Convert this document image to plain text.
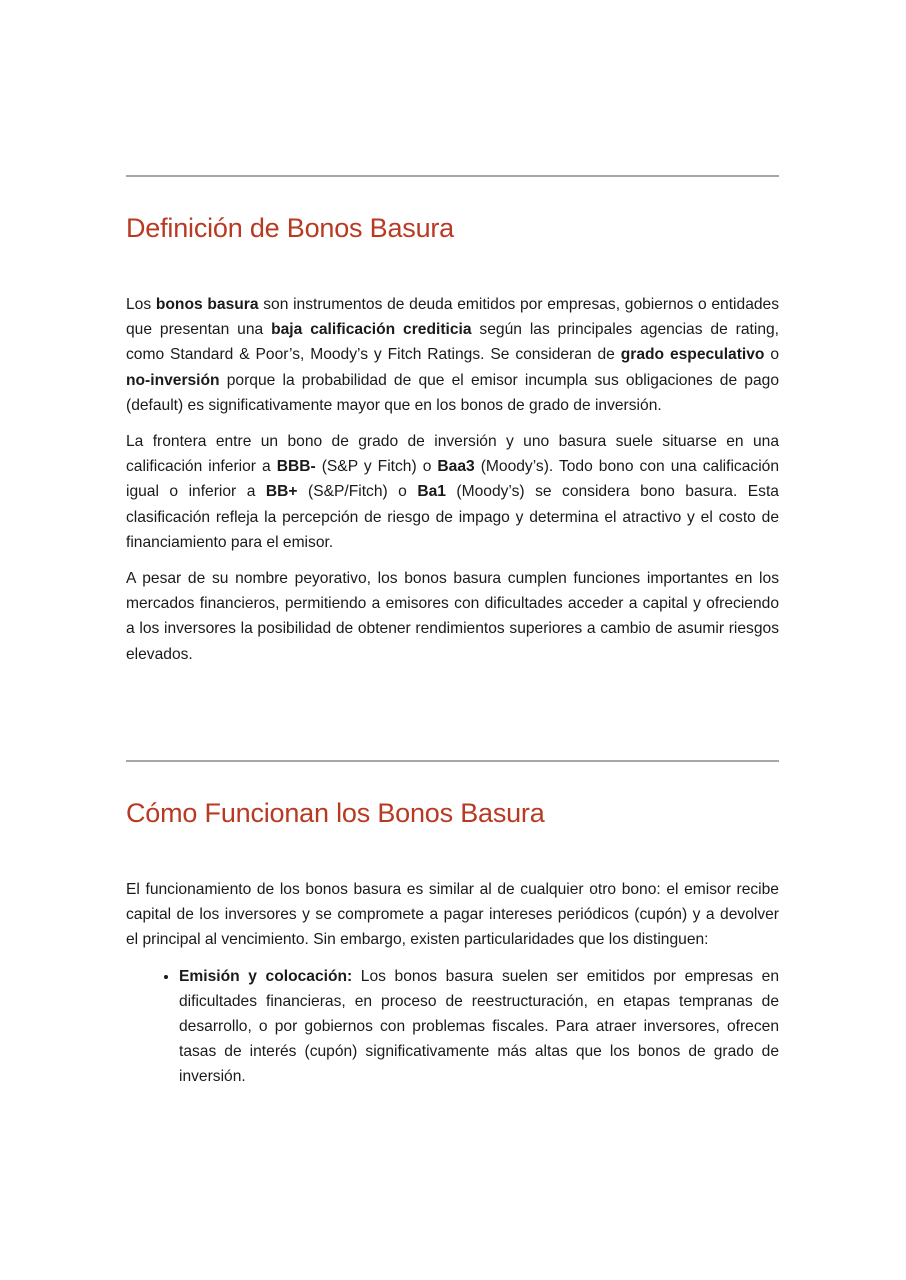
Definición de Bonos Basura

Los bonos basura son instrumentos de deuda emitidos por empresas, gobiernos o entidades que presentan una baja calificación crediticia según las principales agencias de rating, como Standard & Poor’s, Moody’s y Fitch Ratings. Se consideran de grado especulativo o no-inversión porque la probabilidad de que el emisor incumpla sus obligaciones de pago (default) es significativamente mayor que en los bonos de grado de inversión.

La frontera entre un bono de grado de inversión y uno basura suele situarse en una calificación inferior a BBB- (S&P y Fitch) o Baa3 (Moody’s). Todo bono con una calificación igual o inferior a BB+ (S&P/Fitch) o Ba1 (Moody’s) se considera bono basura. Esta clasificación refleja la percepción de riesgo de impago y determina el atractivo y el costo de financiamiento para el emisor.

A pesar de su nombre peyorativo, los bonos basura cumplen funciones importantes en los mercados financieros, permitiendo a emisores con dificultades acceder a capital y ofreciendo a los inversores la posibilidad de obtener rendimientos superiores a cambio de asumir riesgos elevados.

Cómo Funcionan los Bonos Basura

El funcionamiento de los bonos basura es similar al de cualquier otro bono: el emisor recibe capital de los inversores y se compromete a pagar intereses periódicos (cupón) y a devolver el principal al vencimiento. Sin embargo, existen particularidades que los distinguen:

• Emisión y colocación: Los bonos basura suelen ser emitidos por empresas en dificultades financieras, en proceso de reestructuración, en etapas tempranas de desarrollo, o por gobiernos con problemas fiscales. Para atraer inversores, ofrecen tasas de interés (cupón) significativamente más altas que los bonos de grado de inversión.
